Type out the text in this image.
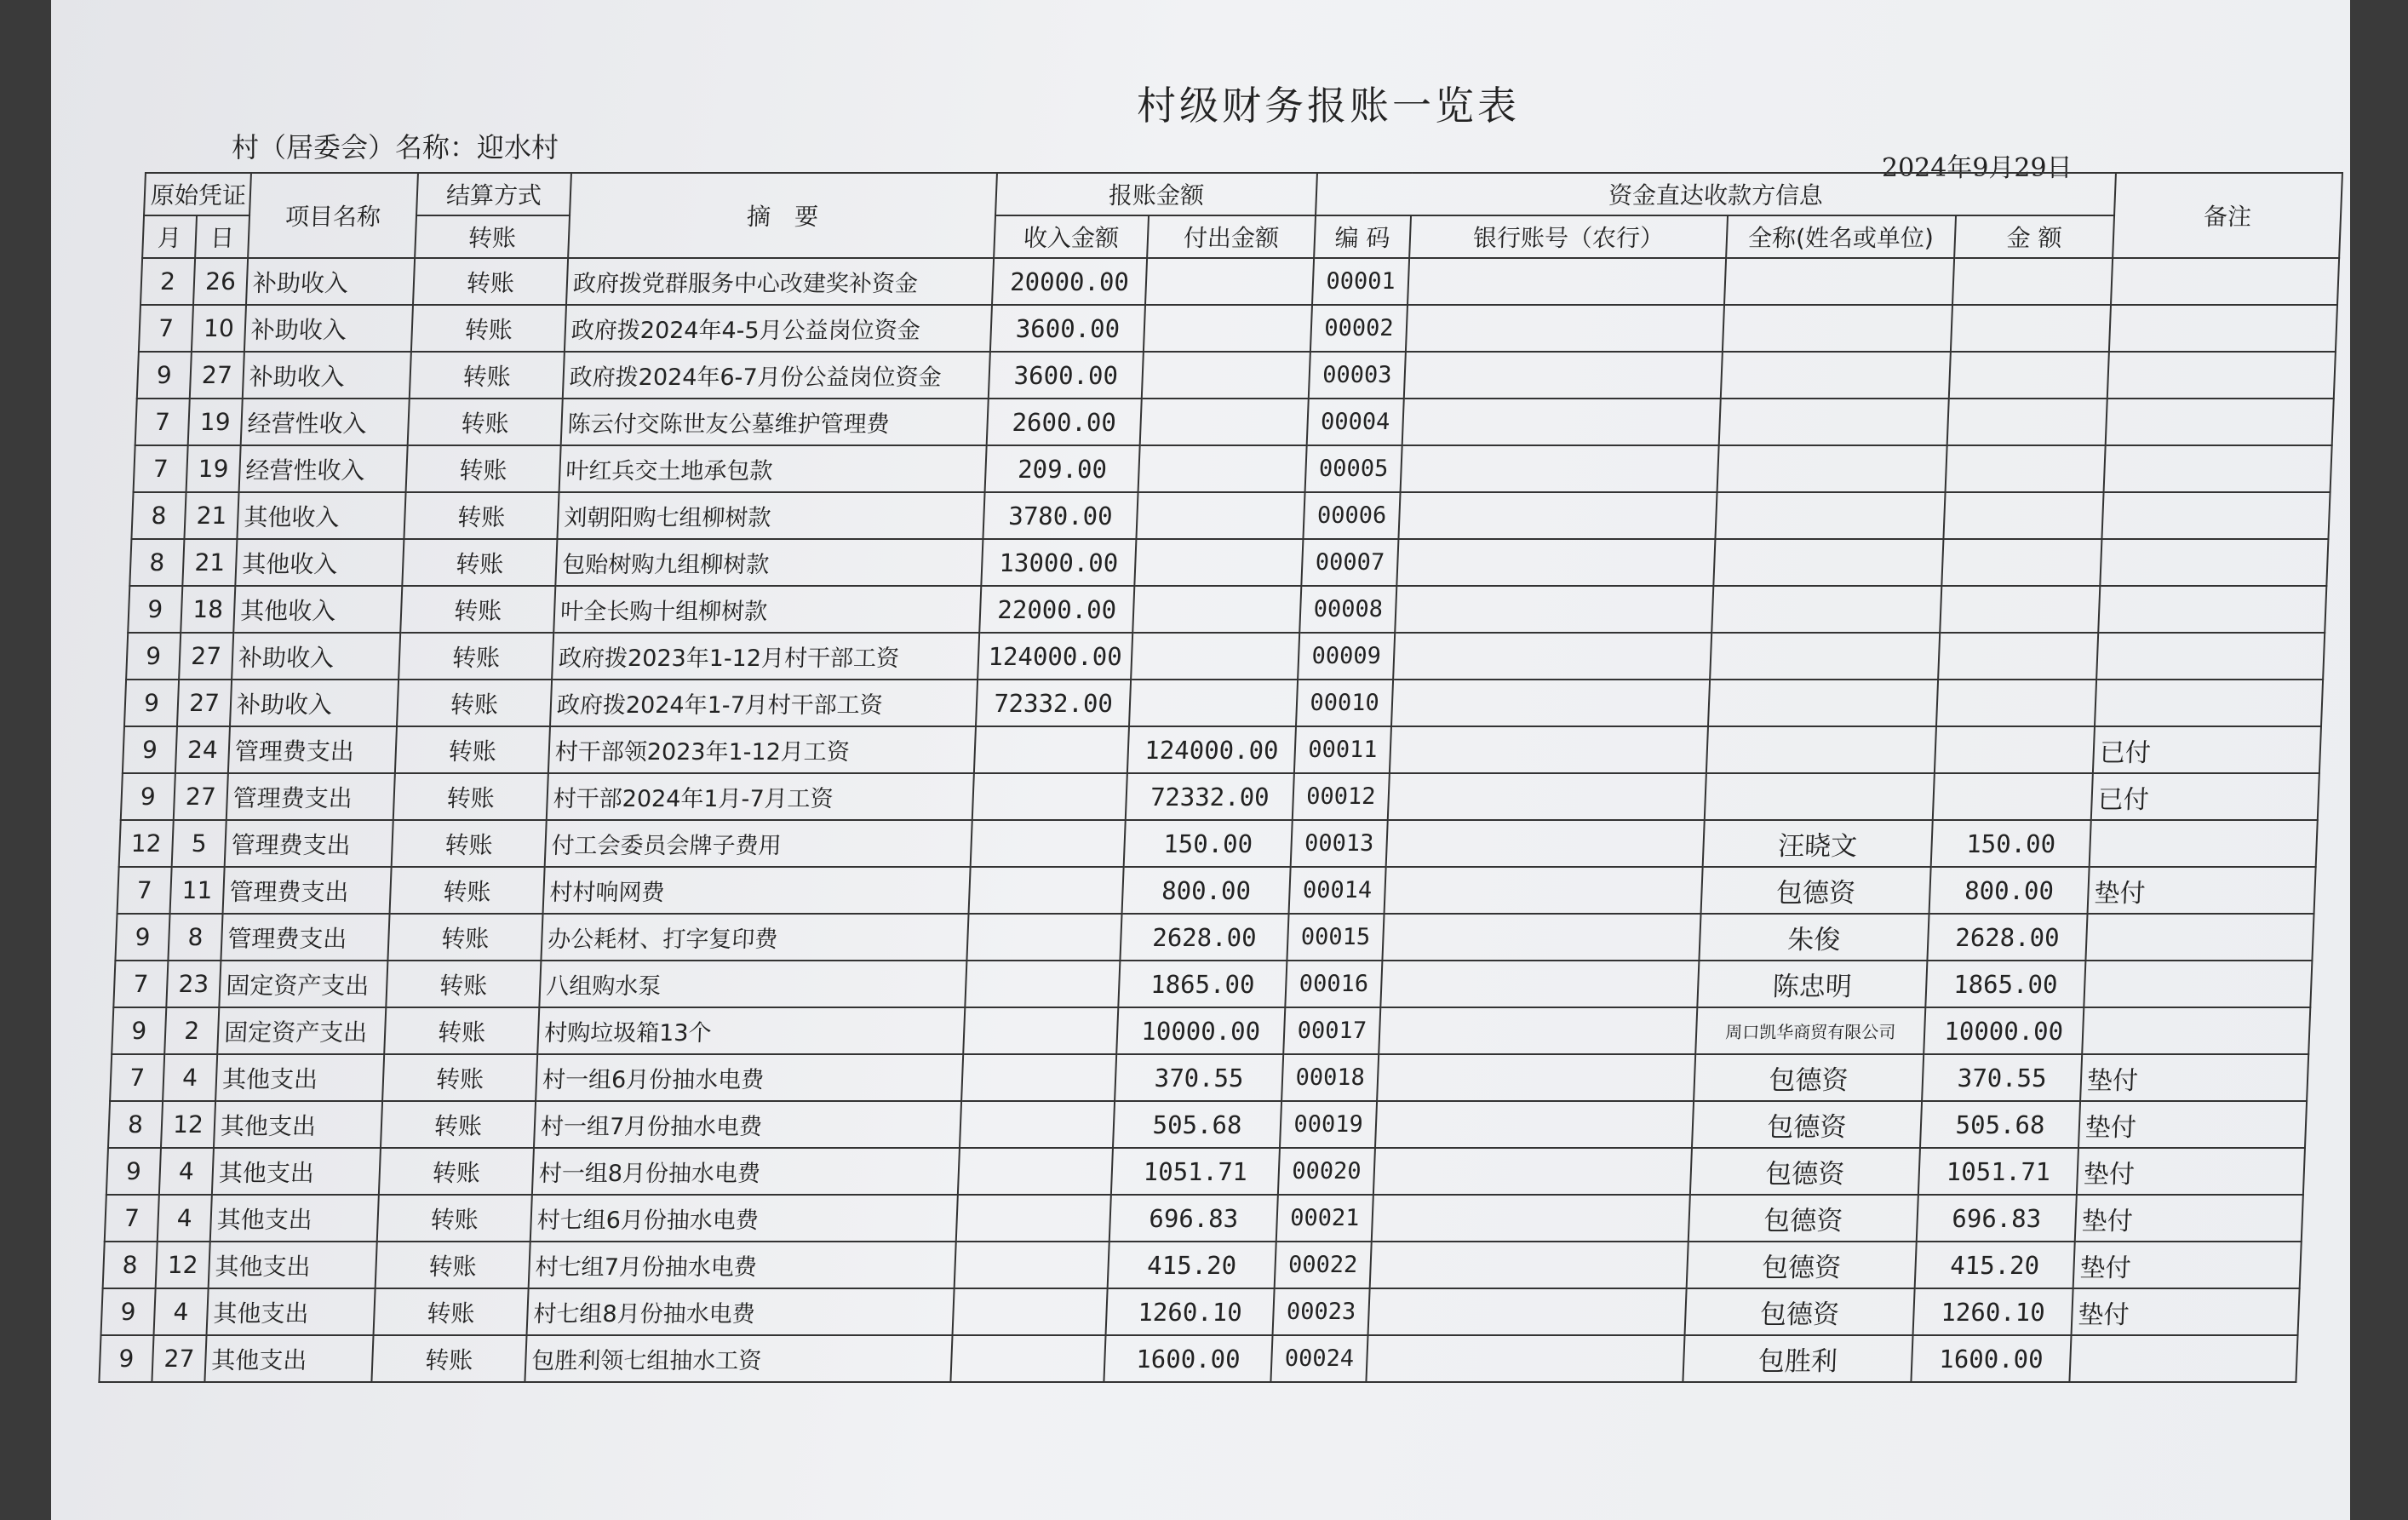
村级财务报账一览表
村（居委会）名称：迎水村
2024年9月29日
原始凭证		项目名称	结算方式	摘　要	报账金额		资金直达收款方信息				备注
月	日		转账		收入金额	付出金额	编 码	银行账号（农行）	全称(姓名或单位)	金 额	
2	26	补助收入	转账	政府拨党群服务中心改建奖补资金	20000.00		00001				
7	10	补助收入	转账	政府拨2024年4-5月公益岗位资金	3600.00		00002				
9	27	补助收入	转账	政府拨2024年6-7月份公益岗位资金	3600.00		00003				
7	19	经营性收入	转账	陈云付交陈世友公墓维护管理费	2600.00		00004				
7	19	经营性收入	转账	叶红兵交土地承包款	209.00		00005				
8	21	其他收入	转账	刘朝阳购七组柳树款	3780.00		00006				
8	21	其他收入	转账	包贻树购九组柳树款	13000.00		00007				
9	18	其他收入	转账	叶全长购十组柳树款	22000.00		00008				
9	27	补助收入	转账	政府拨2023年1-12月村干部工资	124000.00		00009				
9	27	补助收入	转账	政府拨2024年1-7月村干部工资	72332.00		00010				
9	24	管理费支出	转账	村干部领2023年1-12月工资		124000.00	00011				已付
9	27	管理费支出	转账	村干部2024年1月-7月工资		72332.00	00012				已付
12	5	管理费支出	转账	付工会委员会牌子费用		150.00	00013		汪晓文	150.00	
7	11	管理费支出	转账	村村响网费		800.00	00014		包德资	800.00	垫付
9	8	管理费支出	转账	办公耗材、打字复印费		2628.00	00015		朱俊	2628.00	
7	23	固定资产支出	转账	八组购水泵		1865.00	00016		陈忠明	1865.00	
9	2	固定资产支出	转账	村购垃圾箱13个		10000.00	00017		周口凯华商贸有限公司	10000.00	
7	4	其他支出	转账	村一组6月份抽水电费		370.55	00018		包德资	370.55	垫付
8	12	其他支出	转账	村一组7月份抽水电费		505.68	00019		包德资	505.68	垫付
9	4	其他支出	转账	村一组8月份抽水电费		1051.71	00020		包德资	1051.71	垫付
7	4	其他支出	转账	村七组6月份抽水电费		696.83	00021		包德资	696.83	垫付
8	12	其他支出	转账	村七组7月份抽水电费		415.20	00022		包德资	415.20	垫付
9	4	其他支出	转账	村七组8月份抽水电费		1260.10	00023		包德资	1260.10	垫付
9	27	其他支出	转账	包胜利领七组抽水工资		1600.00	00024		包胜利	1600.00	
